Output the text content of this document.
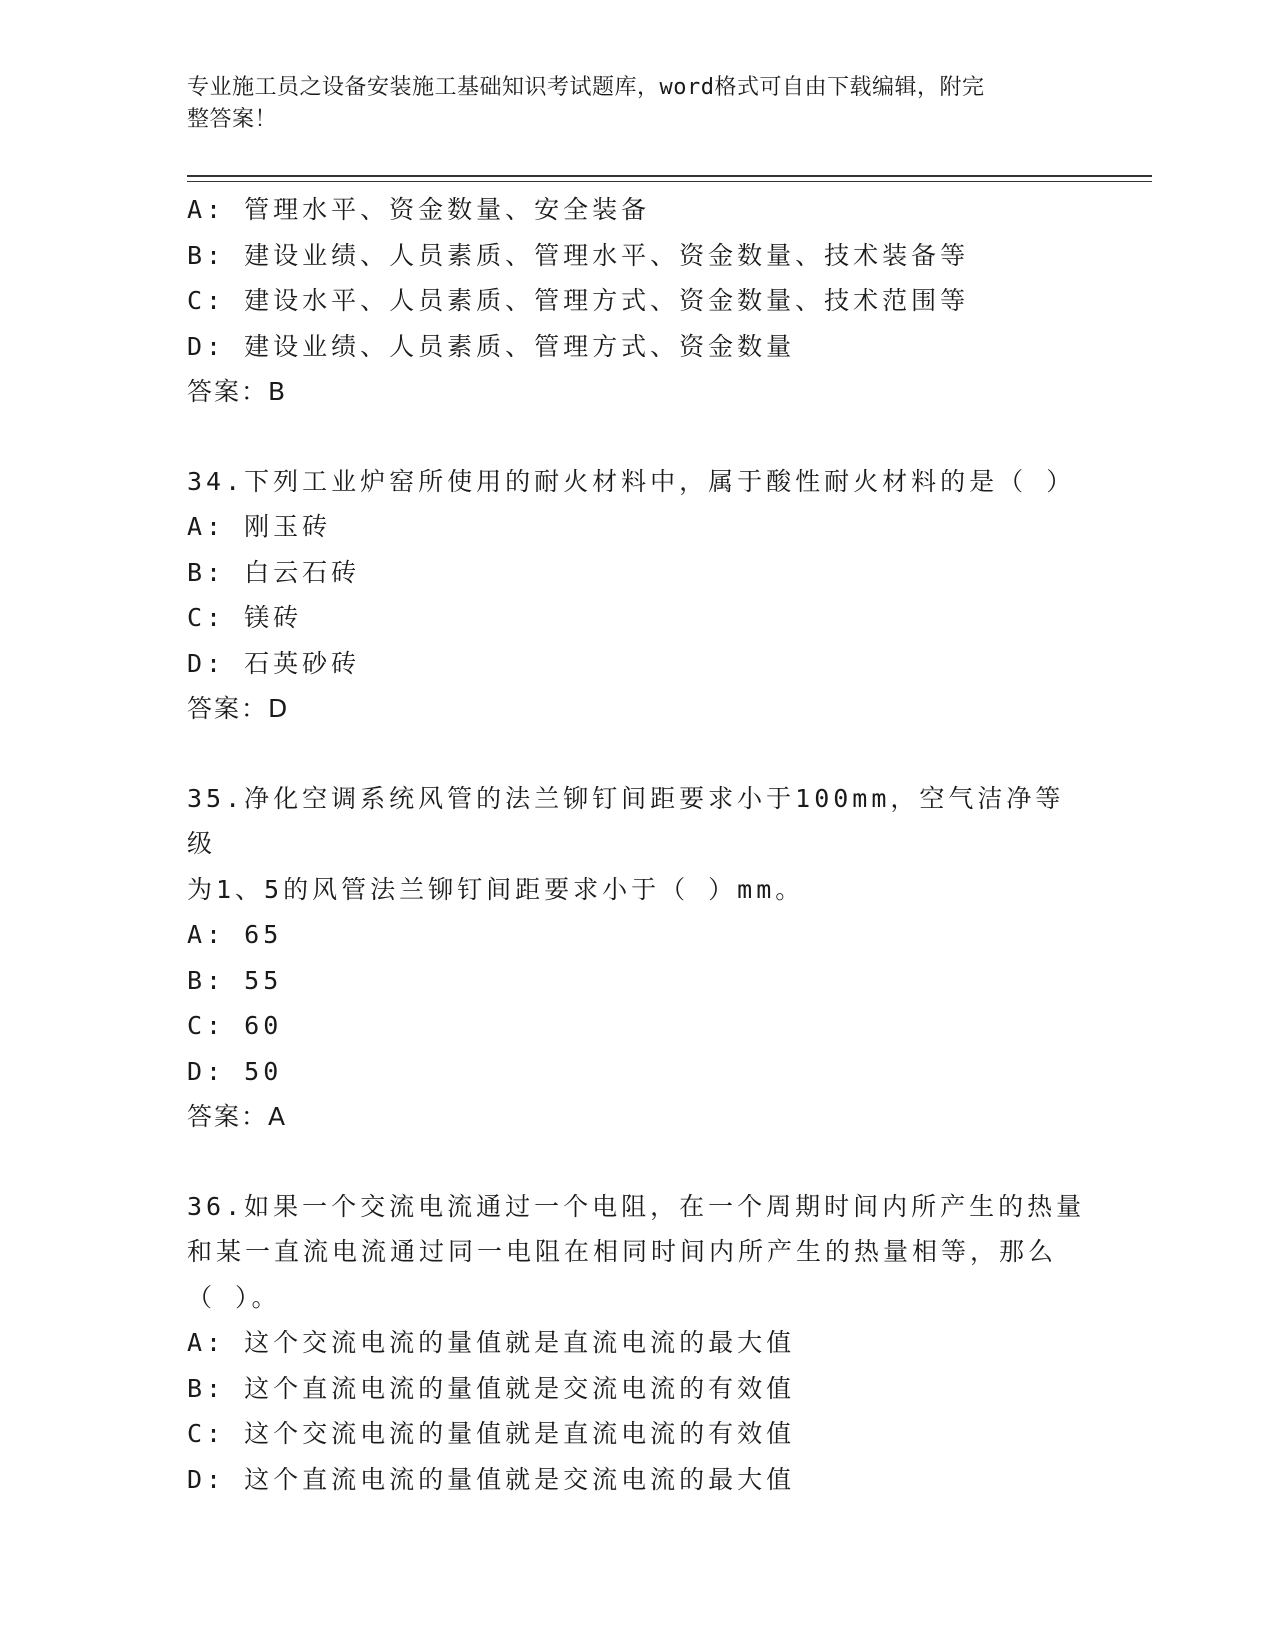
专业施工员之设备安装施工基础知识考试题库，word格式可自由下载编辑，附完
整答案！
A: 管理水平、资金数量、安全装备
B: 建设业绩、人员素质、管理水平、资金数量、技术装备等
C: 建设水平、人员素质、管理方式、资金数量、技术范围等
D: 建设业绩、人员素质、管理方式、资金数量
答案：B
34.下列工业炉窑所使用的耐火材料中，属于酸性耐火材料的是（ ）
A: 刚玉砖
B: 白云石砖
C: 镁砖
D: 石英砂砖
答案：D
35.净化空调系统风管的法兰铆钉间距要求小于100mm，空气洁净等级
为1、5的风管法兰铆钉间距要求小于（ ）mm。
A: 65
B: 55
C: 60
D: 50
答案：A
36.如果一个交流电流通过一个电阻，在一个周期时间内所产生的热量
和某一直流电流通过同一电阻在相同时间内所产生的热量相等，那么
（ ）。
A: 这个交流电流的量值就是直流电流的最大值
B: 这个直流电流的量值就是交流电流的有效值
C: 这个交流电流的量值就是直流电流的有效值
D: 这个直流电流的量值就是交流电流的最大值
